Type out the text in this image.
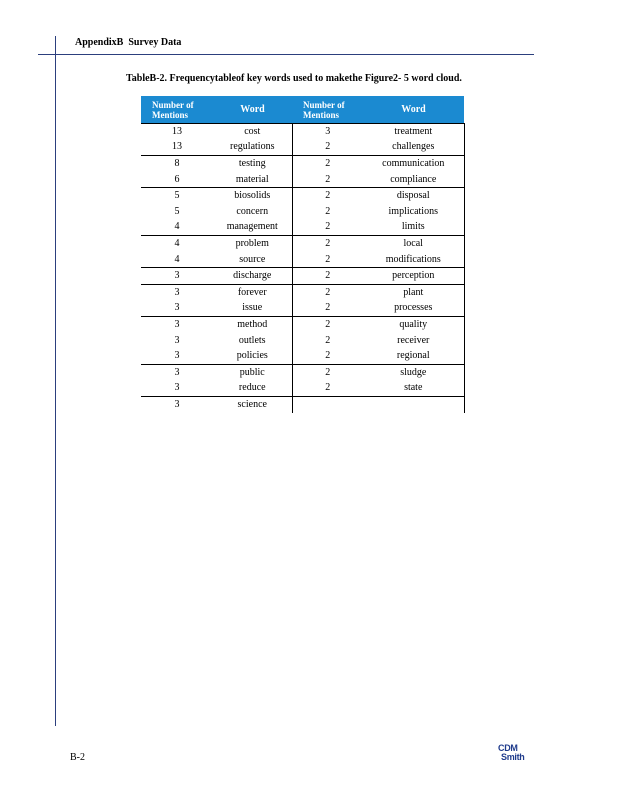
AppendixB  Survey Data
TableB-2. Frequencytableof key words used to makethe Figure2- 5 word cloud.
Number of Mentions	Word	Number of Mentions	Word
13	cost	3	treatment
13	regulations	2	challenges
8	testing	2	communication
6	material	2	compliance
5	biosolids	2	disposal
5	concern	2	implications
4	management	2	limits
4	problem	2	local
4	source	2	modifications
3	discharge	2	perception
3	forever	2	plant
3	issue	2	processes
3	method	2	quality
3	outlets	2	receiver
3	policies	2	regional
3	public	2	sludge
3	reduce	2	state
3	science		
B-2
CDM
Smith
